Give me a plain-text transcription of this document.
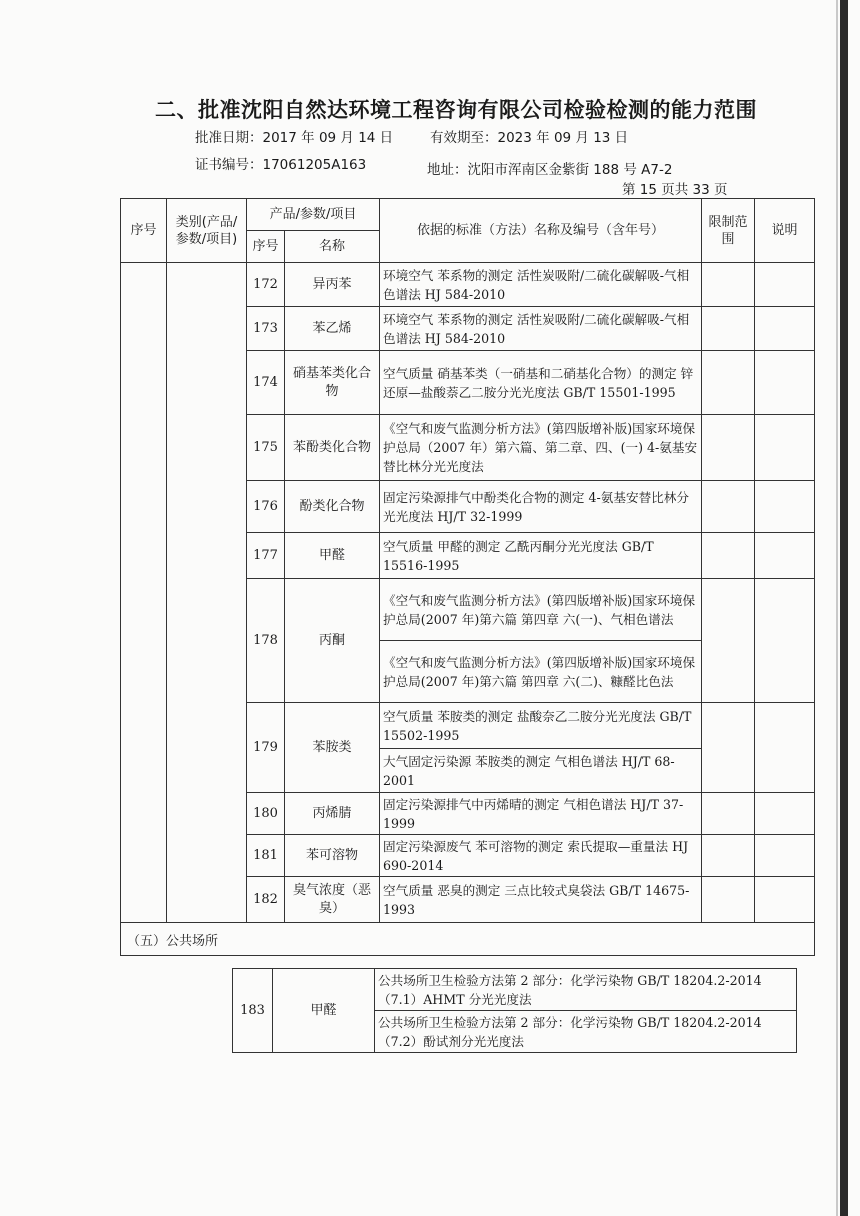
二、批准沈阳自然达环境工程咨询有限公司检验检测的能力范围
批准日期：2017 年 09 月 14 日	有效期至：2023 年 09 月 13 日
证书编号：17061205A163	地址：沈阳市浑南区金紫街 188 号 A7-2
第 15 页共 33 页
序号	类别(产品/参数/项目)	产品/参数/项目		依据的标准（方法）名称及编号（含年号）	限制范围	说明
		序号	名称			
		172	异丙苯	环境空气 苯系物的测定 活性炭吸附/二硫化碳解吸-气相色谱法 HJ 584-2010		
		173	苯乙烯	环境空气 苯系物的测定 活性炭吸附/二硫化碳解吸-气相色谱法 HJ 584-2010		
		174	硝基苯类化合物	空气质量 硝基苯类（一硝基和二硝基化合物）的测定 锌还原—盐酸萘乙二胺分光光度法 GB/T 15501-1995		
		175	苯酚类化合物	《空气和废气监测分析方法》(第四版增补版)国家环境保护总局（2007 年）第六篇、第二章、四、(一) 4-氨基安替比林分光光度法		
		176	酚类化合物	固定污染源排气中酚类化合物的测定 4-氨基安替比林分光光度法 HJ/T 32-1999		
		177	甲醛	空气质量 甲醛的测定 乙酰丙酮分光光度法 GB/T 15516-1995		
		178	丙酮	《空气和废气监测分析方法》(第四版增补版)国家环境保护总局(2007 年)第六篇 第四章 六(一)、气相色谱法		
				《空气和废气监测分析方法》(第四版增补版)国家环境保护总局(2007 年)第六篇 第四章 六(二)、糠醛比色法		
		179	苯胺类	空气质量 苯胺类的测定 盐酸奈乙二胺分光光度法 GB/T 15502-1995		
				大气固定污染源 苯胺类的测定 气相色谱法 HJ/T 68-2001		
		180	丙烯腈	固定污染源排气中丙烯晴的测定 气相色谱法 HJ/T 37-1999		
		181	苯可溶物	固定污染源废气 苯可溶物的测定 索氏提取—重量法 HJ 690-2014		
		182	臭气浓度（恶臭）	空气质量 恶臭的测定 三点比较式臭袋法 GB/T 14675-1993		
（五）公共场所						
183	甲醛	公共场所卫生检验方法第 2 部分：化学污染物 GB/T 18204.2-2014（7.1）AHMT 分光光度法
公共场所卫生检验方法第 2 部分：化学污染物 GB/T 18204.2-2014（7.2）酚试剂分光光度法
